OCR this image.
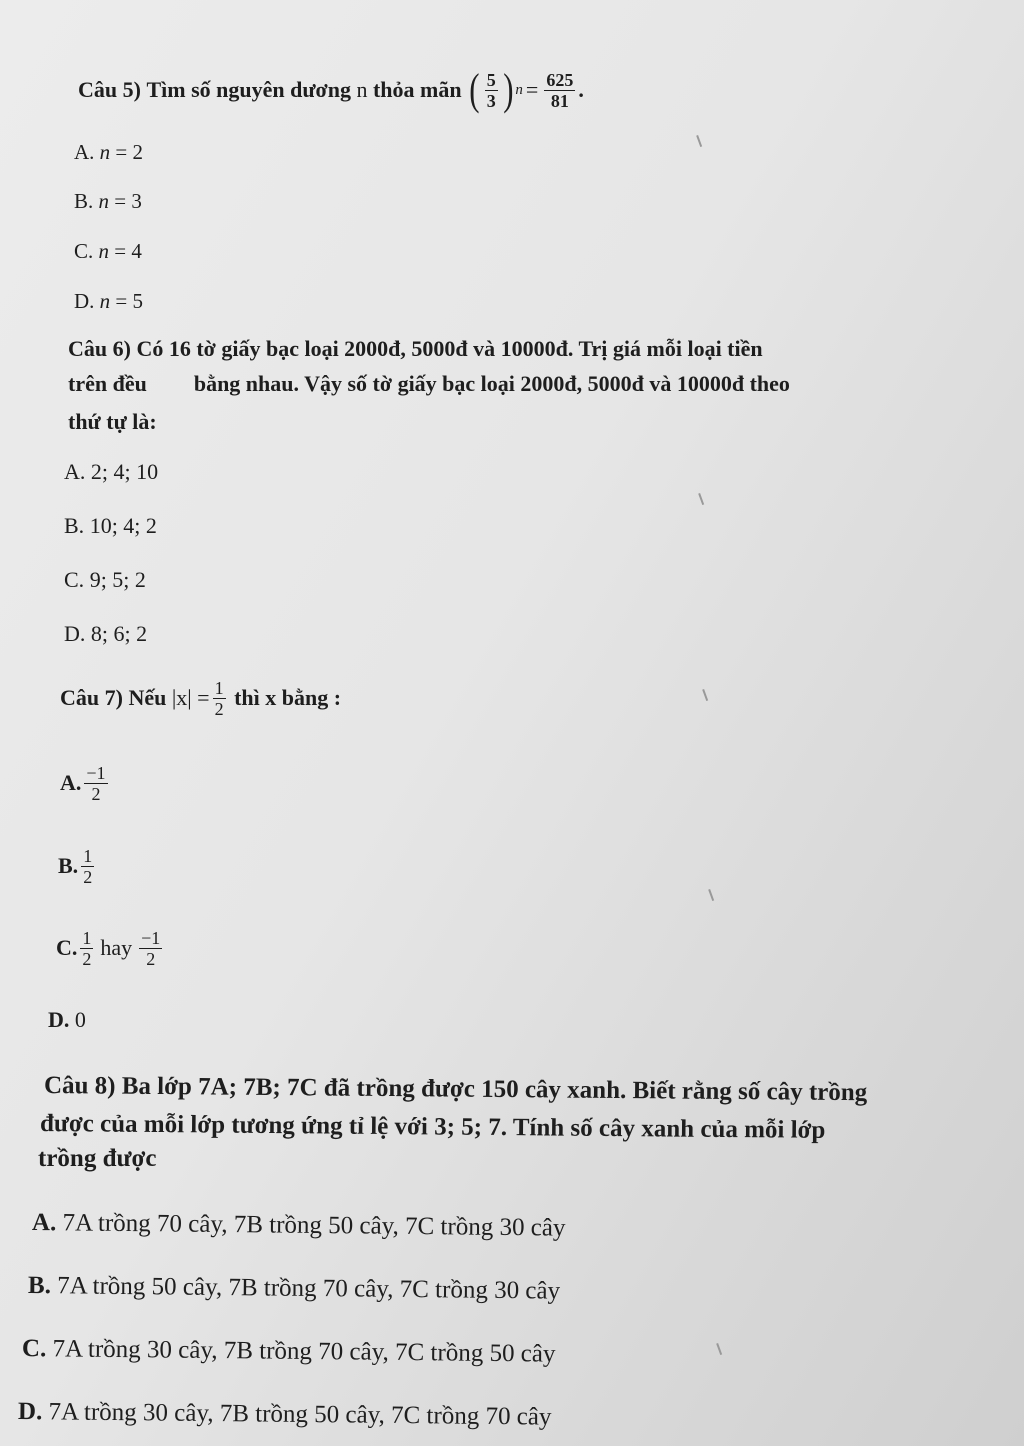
Câu 5)
Tìm số nguyên dương
n
thỏa mãn
( $\frac{5}{3}$ ) $n = \frac{625}{81}$ .
A. n = 2
B. n = 3
C. n = 4
D. n = 5
Câu 6) Có 16 tờ giấy bạc loại 2000đ, 5000đ và 10000đ. Trị giá mỗi loại tiền
trên đều bằng nhau. Vậy số tờ giấy bạc loại 2000đ, 5000đ và 10000đ theo
thứ tự là:
A. 2; 4; 10
B. 10; 4; 2
C. 9; 5; 2
D. 8; 6; 2
Câu 7) Nếu
$|x| = \frac{1}{2}$
thì x bằng :
A. $\frac{-1}{2}$
B. $\frac{1}{2}$
C. $\frac{1}{2}$ hay $\frac{-1}{2}$
D. 0
Câu 8) Ba lớp 7A; 7B; 7C đã trồng được 150 cây xanh. Biết rằng số cây trồng
được của mỗi lớp tương ứng tỉ lệ với 3; 5; 7. Tính số cây xanh của mỗi lớp
trồng được
A. 7A trồng 70 cây, 7B trồng 50 cây, 7C trồng 30 cây
B. 7A trồng 50 cây, 7B trồng 70 cây, 7C trồng 30 cây
C. 7A trồng 30 cây, 7B trồng 70 cây, 7C trồng 50 cây
D. 7A trồng 30 cây, 7B trồng 50 cây, 7C trồng 70 cây
